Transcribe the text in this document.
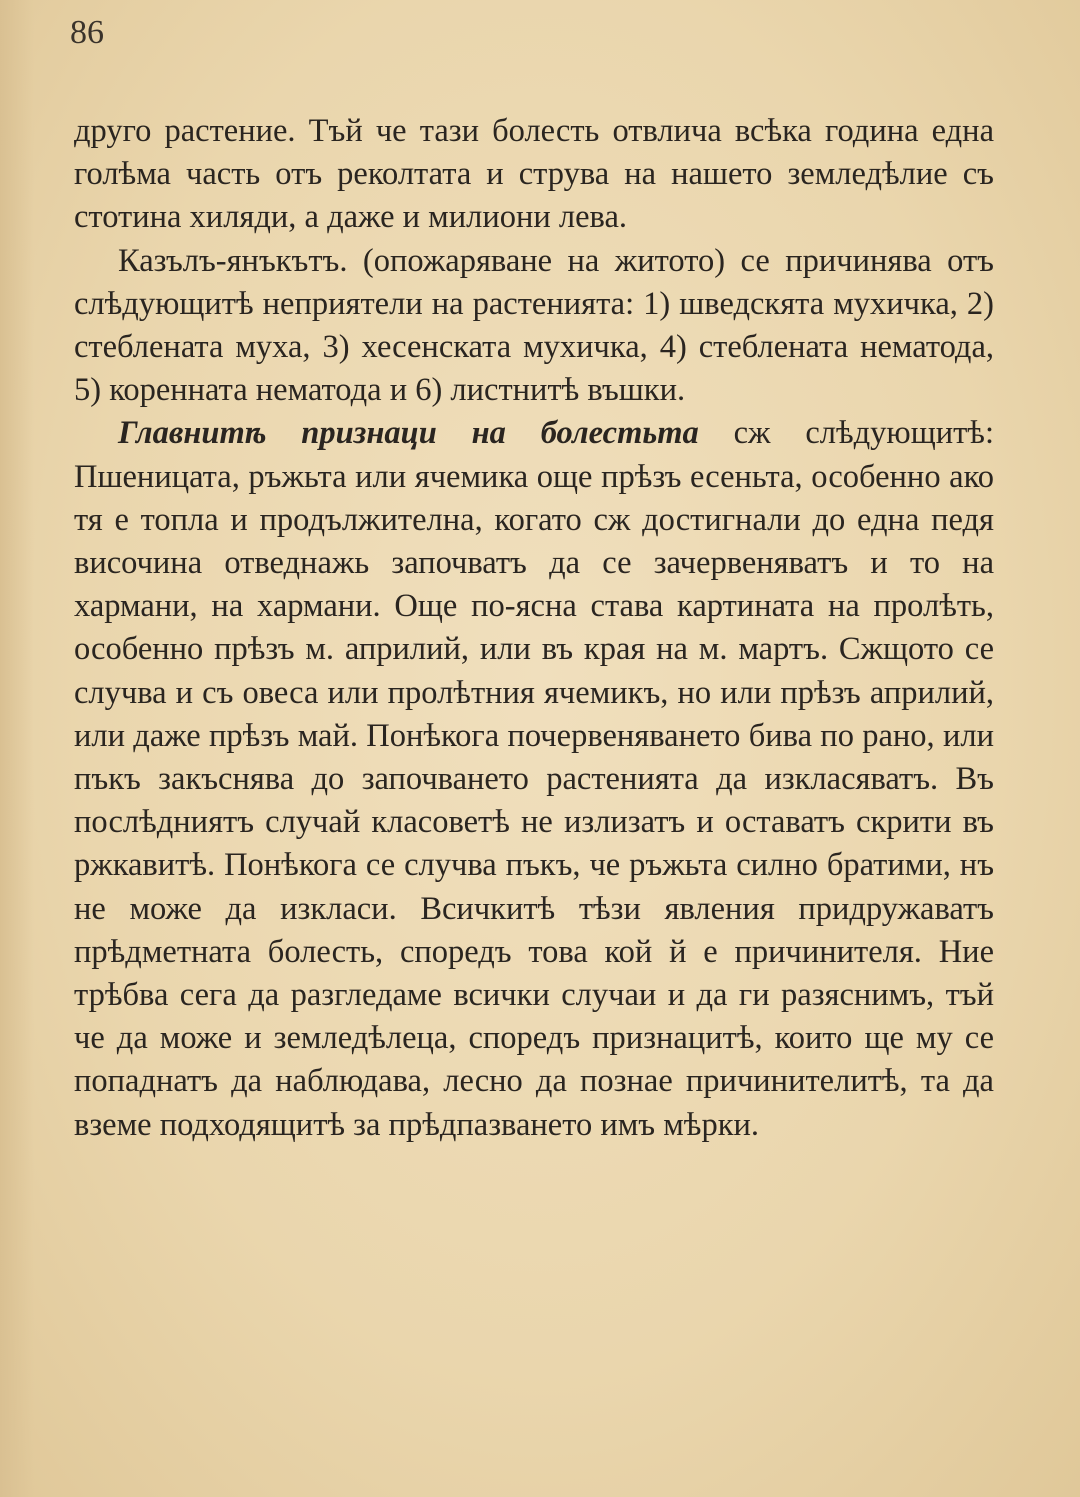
86

друго растение. Тъй че тази болесть отвлича всѣка година една голѣма часть отъ реколтата и струва на нашето земледѣлие съ стотина хиляди, а даже и милиони лева.

Казълъ-янъкътъ. (опожаряване на житото) се причинява отъ слѣдующитѣ неприятели на растенията: 1) шведскята мухичка, 2) стеблената муха, 3) хесенската мухичка, 4) стеблената нематода, 5) коренната нематода и 6) листнитѣ въшки.

Главнитѣ признаци на болестьта сж слѣдующитѣ: Пшеницата, ръжьта или ячемика още прѣзъ есеньта, особенно ако тя е топла и продължителна, когато сж достигнали до една педя височина отведнажь започватъ да се зачервеняватъ и то на хармани, на хармани. Още по-ясна става картината на пролѣть, особенно прѣзъ м. априлий, или въ края на м. мартъ. Сжщото се случва и съ овеса или пролѣтния ячемикъ, но или прѣзъ априлий, или даже прѣзъ май. Понѣкога почервеняването бива по рано, или пъкъ закъснява до започването растенията да изкласяватъ. Въ послѣдниятъ случай класоветѣ не излизатъ и оставатъ скрити въ ржкавитѣ. Понѣкога се случва пъкъ, че ръжьта силно братими, нъ не може да изкласи. Всичкитѣ тѣзи явления придружаватъ прѣдметната болесть, споредъ това кой й е причинителя. Ние трѣбва сега да разгледаме всички случаи и да ги разяснимъ, тъй че да може и земледѣлеца, споредъ признацитѣ, които ще му се попаднатъ да наблюдава, лесно да познае причинителитѣ, та да вземе подходящитѣ за прѣдпазването имъ мѣрки.
